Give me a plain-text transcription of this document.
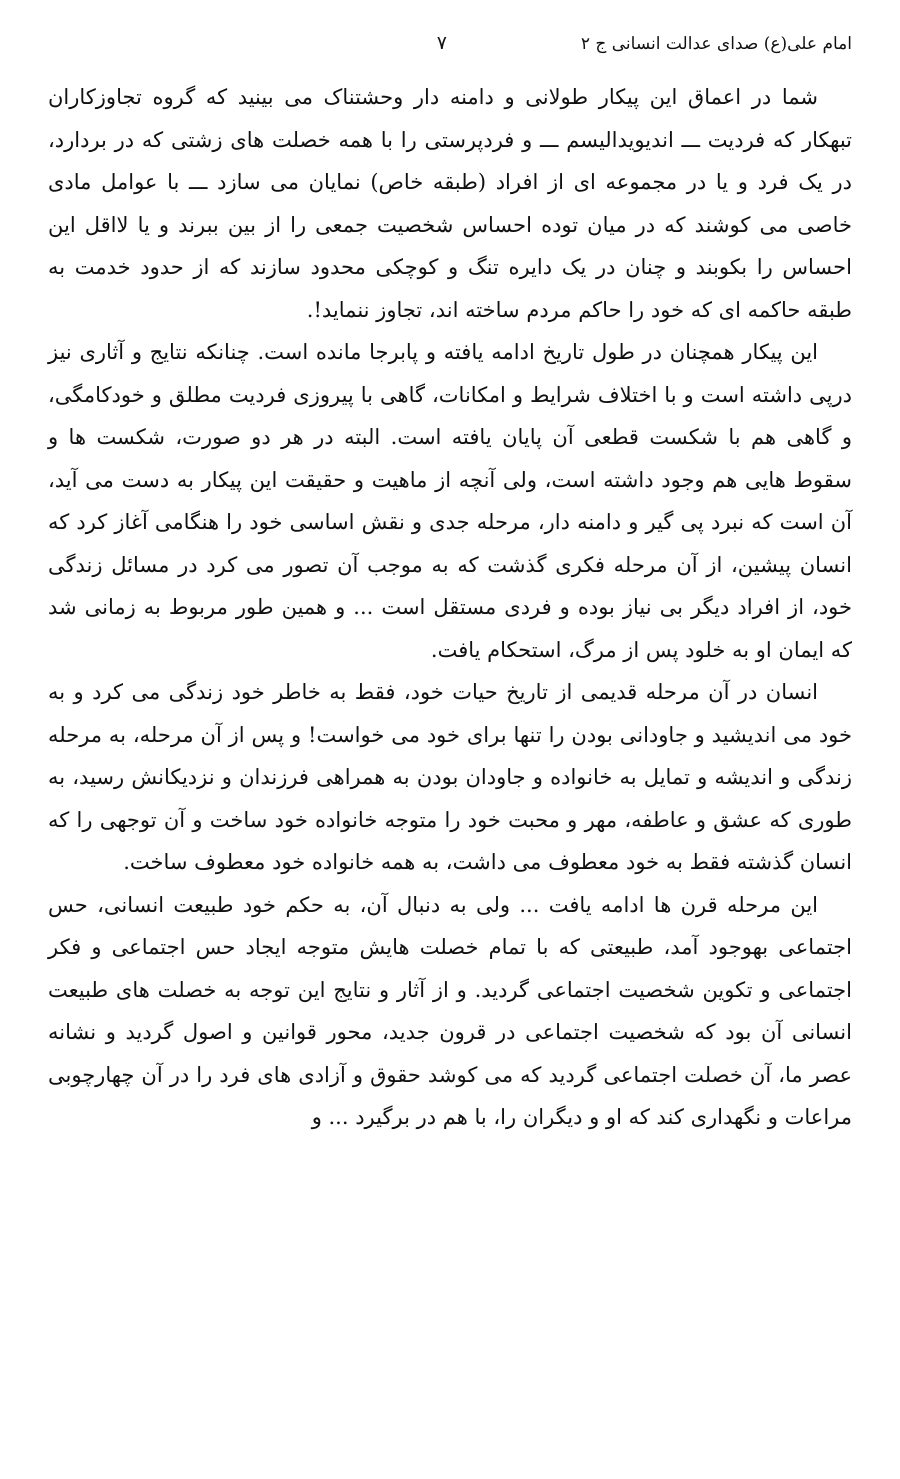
امام علی(ع) صدای عدالت انسانی ج ۲
۷

شما در اعماق این پیکار طولانی و دامنه دار وحشتناک می بینید که گروه تجاوزکاران تبهکار که فردیت ـــ اندیویدالیسم ـــ و فردپرستی را با همه خصلت های زشتی که در بردارد، در یک فرد و یا در مجموعه ای از افراد (طبقه خاص) نمایان می سازد ـــ با عوامل مادی خاصی می کوشند که در میان توده احساس شخصیت جمعی را از بین ببرند و یا لااقل این احساس را بکوبند و چنان در یک دایره تنگ و کوچکی محدود سازند که از حدود خدمت به طبقه حاکمه ای که خود را حاکم مردم ساخته اند، تجاوز ننماید!.

این پیکار همچنان در طول تاریخ ادامه یافته و پابرجا مانده است. چنانکه نتایج و آثاری نیز درپی داشته است و با اختلاف شرایط و امکانات، گاهی با پیروزی فردیت مطلق و خودکامگی، و گاهی هم با شکست قطعی آن پایان یافته است. البته در هر دو صورت، شکست ها و سقوط هایی هم وجود داشته است، ولی آنچه از ماهیت و حقیقت این پیکار به دست می آید، آن است که نبرد پی گیر و دامنه دار، مرحله جدی و نقش اساسی خود را هنگامی آغاز کرد که انسان پیشین، از آن مرحله فکری گذشت که به موجب آن تصور می کرد در مسائل زندگی خود، از افراد دیگر بی نیاز بوده و فردی مستقل است ... و همین طور مربوط به زمانی شد که ایمان او به خلود پس از مرگ، استحکام یافت.

انسان در آن مرحله قدیمی از تاریخ حیات خود، فقط به خاطر خود زندگی می کرد و به خود می اندیشید و جاودانی بودن را تنها برای خود می خواست! و پس از آن مرحله، به مرحله زندگی و اندیشه و تمایل به خانواده و جاودان بودن به همراهی فرزندان و نزدیکانش رسید، به طوری که عشق و عاطفه، مهر و محبت خود را متوجه خانواده خود ساخت و آن توجهی را که انسان گذشته فقط به خود معطوف می داشت، به همه خانواده خود معطوف ساخت.

این مرحله قرن ها ادامه یافت ... ولی به دنبال آن، به حکم خود طبیعت انسانی، حس اجتماعی بهوجود آمد، طبیعتی که با تمام خصلت هایش متوجه ایجاد حس اجتماعی و فکر اجتماعی و تکوین شخصیت اجتماعی گردید. و از آثار و نتایج این توجه به خصلت های طبیعت انسانی آن بود که شخصیت اجتماعی در قرون جدید، محور قوانین و اصول گردید و نشانه عصر ما، آن خصلت اجتماعی گردید که می کوشد حقوق و آزادی های فرد را در آن چهارچوبی مراعات و نگهداری کند که او و دیگران را، با هم در برگیرد ... و
